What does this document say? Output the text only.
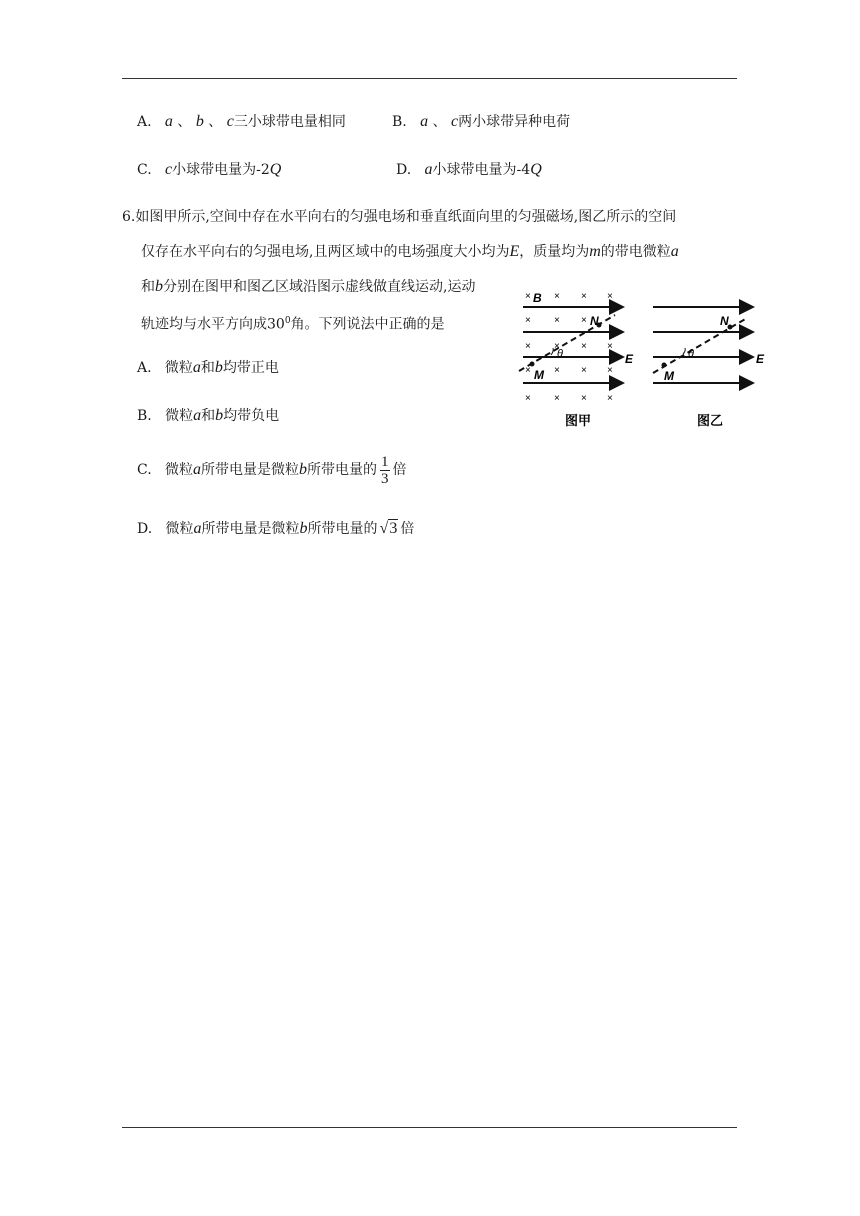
A. a 、 b 、 c三小球带电量相同	B. a 、 c两小球带异种电荷
C. c小球带电量为-2Q	D. a小球带电量为-4Q
6.如图甲所示,空间中存在水平向右的匀强电场和垂直纸面向里的匀强磁场,图乙所示的空间
仅存在水平向右的匀强电场,且两区域中的电场强度大小均为E，质量均为m的带电微粒a
和b分别在图甲和图乙区域沿图示虚线做直线运动,运动
轨迹均与水平方向成$30^0$角。下列说法中正确的是
A. 微粒a和b均带正电
B. 微粒a和b均带负电
C. 微粒a所带电量是微粒b所带电量的 $\frac{1}{3}$ 倍
D. 微粒a所带电量是微粒b所带电量的 √3 倍
× × × ×
× × ×
× × × ×
× × × ×
× × × ×
B
N
M
θ	E
图甲
N
M
θ	E
图乙
